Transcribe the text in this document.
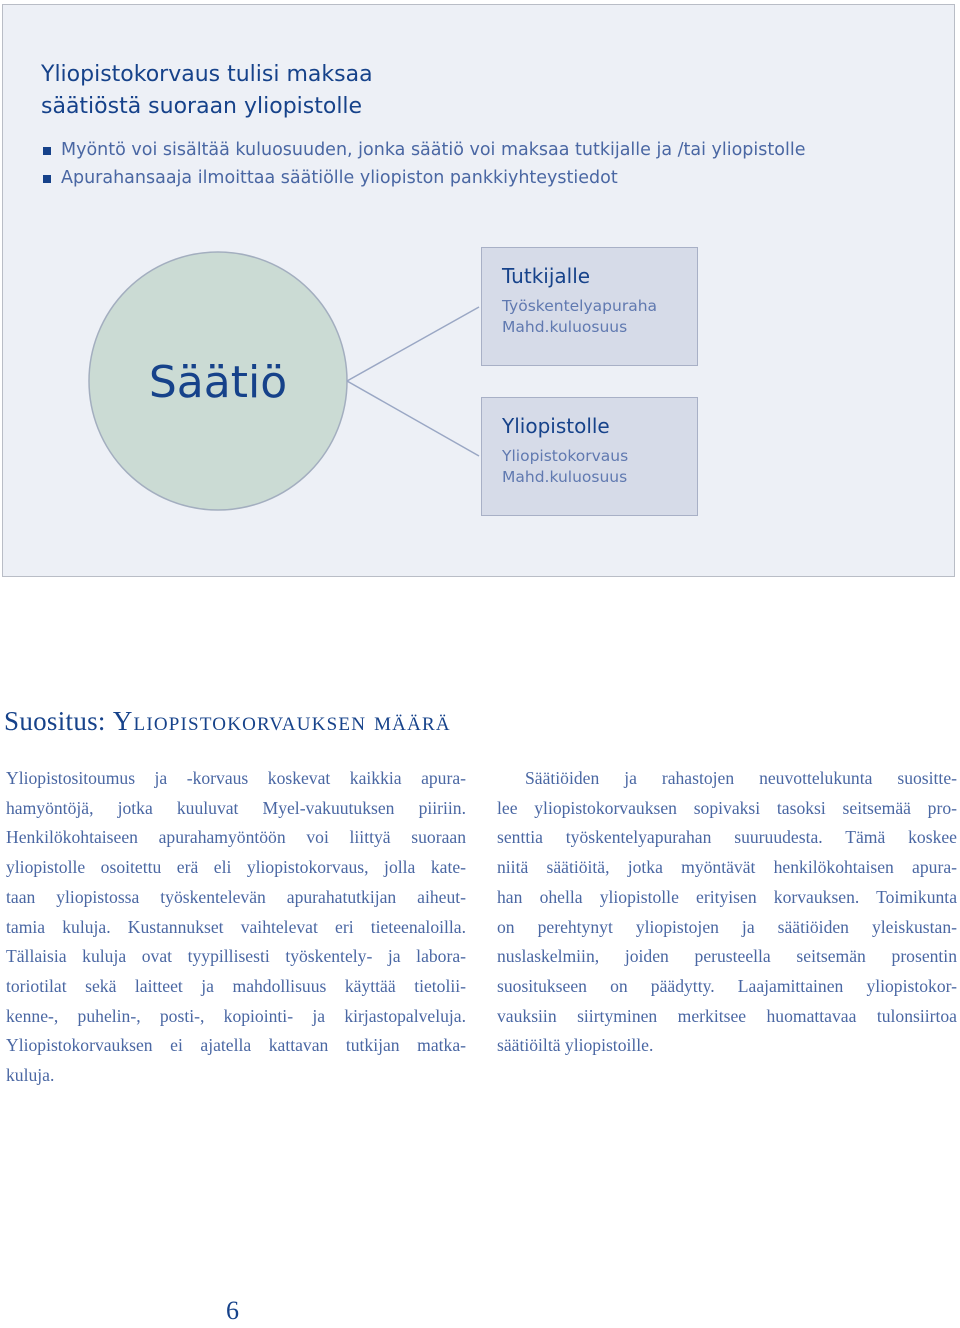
Yliopistokorvaus tulisi maksaa
säätiöstä suoraan yliopistolle
Myöntö voi sisältää kuluosuuden, jonka säätiö voi maksaa tutkijalle ja /tai yliopistolle
Apurahansaaja ilmoittaa säätiölle yliopiston pankkiyhteystiedot
Säätiö
Tutkijalle
Työskentelyapuraha
Mahd.kuluosuus
Yliopistolle
Yliopistokorvaus
Mahd.kuluosuus
Suositus: Yliopistokorvauksen määrä
Yliopistositoumus ja -korvaus koskevat kaikkia apura-
hamyöntöjä, jotka kuuluvat Myel-vakuutuksen piiriin.
Henkilökohtaiseen apurahamyöntöön voi liittyä suoraan
yliopistolle osoitettu erä eli yliopistokorvaus, jolla kate-
taan yliopistossa työskentelevän apurahatutkijan aiheut-
tamia kuluja. Kustannukset vaihtelevat eri tieteenaloilla.
Tällaisia kuluja ovat tyypillisesti työskentely- ja labora-
toriotilat sekä laitteet ja mahdollisuus käyttää tietolii-
kenne-, puhelin-, posti-, kopiointi- ja kirjastopalveluja.
Yliopistokorvauksen ei ajatella kattavan tutkijan matka-
kuluja.
Säätiöiden ja rahastojen neuvottelukunta suositte-
lee yliopistokorvauksen sopivaksi tasoksi seitsemää pro-
senttia työskentelyapurahan suuruudesta. Tämä koskee
niitä säätiöitä, jotka myöntävät henkilökohtaisen apura-
han ohella yliopistolle erityisen korvauksen. Toimikunta
on perehtynyt yliopistojen ja säätiöiden yleiskustan-
nuslaskelmiin, joiden perusteella seitsemän prosentin
suositukseen on päädytty. Laajamittainen yliopistokor-
vauksiin siirtyminen merkitsee huomattavaa tulonsiirtoa
säätiöiltä yliopistoille.
6
